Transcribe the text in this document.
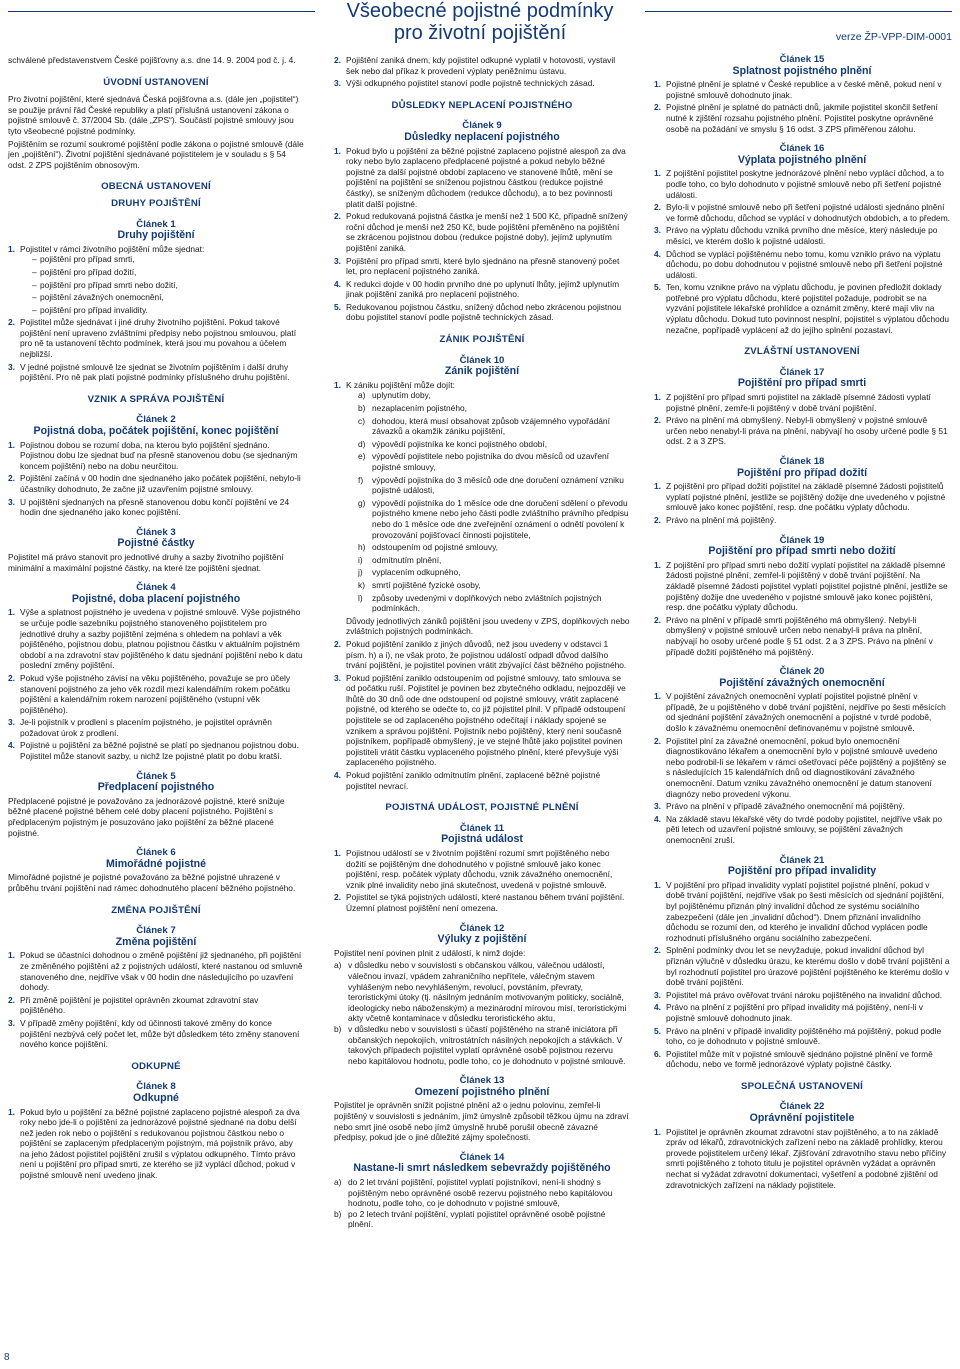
Všeobecné pojistné podmínky
pro životní pojištění	verze ŽP-VPP-DIM-0001

schválené představenstvem České pojišťovny a.s. dne 14. 9. 2004 pod č. j. 4.

ÚVODNÍ USTANOVENÍ

Pro životní pojištění, které sjednává Česká pojišťovna a.s. (dále jen „pojistitel“) se použije právní řád České republiky a platí příslušná ustanovení zákona o pojistné smlouvě č. 37/2004 Sb. (dále „ZPS“). Součástí pojistné smlouvy jsou tyto všeobecné pojistné podmínky.

Pojištěním se rozumí soukromé pojištění podle zákona o pojistné smlouvě (dále jen „pojištění“). Životní pojištění sjednávané pojistitelem je v souladu s § 54 odst. 2 ZPS pojištěním obnosovým.

OBECNÁ USTANOVENÍ
DRUHY POJIŠTĚNÍ
Článek 1
Druhy pojištění
1. Pojistitel v rámci životního pojištění může sjednat:
– pojištění pro případ smrti,
– pojištění pro případ dožití,
– pojištění pro případ smrti nebo dožití,
– pojištění závažných onemocnění,
– pojištění pro případ invalidity.
2. Pojistitel může sjednávat i jiné druhy životního pojištění. Pokud takové pojištění není upraveno zvláštními předpisy nebo pojistnou smlouvou, platí pro ně ta ustanovení těchto podmínek, která jsou mu povahou a účelem nejbližší.
3. V jedné pojistné smlouvě lze sjednat se životním pojištěním i další druhy pojištění. Pro ně pak platí pojistné podmínky příslušného druhu pojištění.
VZNIK A SPRÁVA POJIŠTĚNÍ
Článek 2
Pojistná doba, počátek pojištění, konec pojištění
1. Pojistnou dobou se rozumí doba, na kterou bylo pojištění sjednáno. Pojistnou dobu lze sjednat buď na přesně stanovenou dobu (se sjednaným koncem pojištění) nebo na dobu neurčitou.
2. Pojištění začíná v 00 hodin dne sjednaného jako počátek pojištění, nebylo-li účastníky dohodnuto, že začne již uzavřením pojistné smlouvy.
3. U pojištění sjednaných na přesně stanovenou dobu končí pojištění ve 24 hodin dne sjednaného jako konec pojištění.
Článek 3
Pojistné částky

Pojistitel má právo stanovit pro jednotlivé druhy a sazby životního pojištění minimální a maximální pojistné částky, na které lze pojištění sjednat.

Článek 4
Pojistné, doba placení pojistného
1. Výše a splatnost pojistného je uvedena v pojistné smlouvě. Výše pojistného se určuje podle sazebníku pojistného stanoveného pojistitelem pro jednotlivé druhy a sazby pojištění zejména s ohledem na pohlaví a věk pojištěného, pojistnou dobu, platnou pojistnou částku v aktuálním pojistném období a na zdravotní stav pojištěného k datu sjednání pojištění nebo k datu poslední změny pojištění.
2. Pokud výše pojistného závisí na věku pojištěného, považuje se pro účely stanovení pojistného za jeho věk rozdíl mezi kalendářním rokem počátku pojištění a kalendářním rokem narození pojištěného (vstupní věk pojištěného).
3. Je-li pojistník v prodlení s placením pojistného, je pojistitel oprávněn požadovat úrok z prodlení.
4. Pojistné u pojištění za běžné pojistné se platí po sjednanou pojistnou dobu. Pojistitel může stanovit sazby, u nichž lze pojistné platit po dobu kratší.
Článek 5
Předplacení pojistného

Předplacené pojistné je považováno za jednorázové pojistné, které snižuje běžné placené pojistné během celé doby placení pojistného. Pojištění s předplaceným pojistným je posuzováno jako pojištění za běžné placené pojistné.

Článek 6
Mimořádné pojistné

Mimořádné pojistné je pojistné považováno za běžné pojistné uhrazené v průběhu trvání pojištění nad rámec dohodnutého placení běžného pojistného.

ZMĚNA POJIŠTĚNÍ
Článek 7
Změna pojištění
1. Pokud se účastníci dohodnou o změně pojištění již sjednaného, při pojištění ze změněného pojištění až z pojistných událostí, které nastanou od smluvně stanoveného dne, nejdříve však v 00 hodin dne následujícího po uzavření dohody.
2. Při změně pojištění je pojistitel oprávněn zkoumat zdravotní stav pojištěného.
3. V případě změny pojištění, kdy od účinnosti takové změny do konce pojištění nezbývá celý počet let, může být důsledkem této změny stanovení nového konce pojištění.
ODKUPNÉ
Článek 8
Odkupné
1. Pokud bylo u pojištění za běžné pojistné zaplaceno pojistné alespoň za dva roky nebo jde-li o pojištění za jednorázové pojistné sjednané na dobu delší než jeden rok nebo o pojištění s redukovanou pojistnou částkou nebo o pojištění se zaplaceným předplaceným pojistným, má pojistník právo, aby na jeho žádost pojistitel pojištění zrušil s výplatou odkupného. Tímto právo není u pojištění pro případ smrti, ze kterého se již vyplácí důchod, pokud v pojistné smlouvě není uvedeno jinak.
2. Pojištění zaniká dnem, kdy pojistitel odkupné vyplatil v hotovosti, vystavil šek nebo dal příkaz k provedení výplaty peněžnímu ústavu.
3. Výši odkupného pojistitel stanoví podle pojistně technických zásad.
DŮSLEDKY NEPLACENÍ POJISTNÉHO
Článek 9
Důsledky neplacení pojistného
1. Pokud bylo u pojištění za běžné pojistné zaplaceno pojistné alespoň za dva roky nebo bylo zaplaceno předplacené pojistné a pokud nebylo běžné pojistné za další pojistné období zaplaceno ve stanovené lhůtě, mění se pojištění na pojištění se sníženou pojistnou částkou (redukce pojistné částky), se sníženým důchodem (redukce důchodu), a to bez povinnosti platit další pojistné.
2. Pokud redukovaná pojistná částka je menší než 1 500 Kč, případně snížený roční důchod je menší než 250 Kč, bude pojištění přeměněno na pojištění se zkrácenou pojistnou dobou (redukce pojistné doby), jejímž uplynutím pojištění zaniká.
3. Pojištění pro případ smrti, které bylo sjednáno na přesně stanovený počet let, pro neplacení pojistného zaniká.
4. K redukci dojde v 00 hodin prvního dne po uplynutí lhůty, jejímž uplynutím jinak pojištění zaniká pro neplacení pojistného.
5. Redukovanou pojistnou částku, snížený důchod nebo zkrácenou pojistnou dobu pojistitel stanoví podle pojistně technických zásad.
ZÁNIK POJIŠTĚNÍ
Článek 10
Zánik pojištění
1. K zániku pojištění může dojít:
a) uplynutím doby,
b) nezaplacením pojistného,
c) dohodou, která musí obsahovat způsob vzájemného vypořádání závazků a okamžik zániku pojištění,
d) výpovědí pojistníka ke konci pojistného období,
e) výpovědí pojistitele nebo pojistníka do dvou měsíců od uzavření pojistné smlouvy,
f) výpovědí pojistníka do 3 měsíců ode dne doručení oznámení vzniku pojistné události,
g) výpovědí pojistníka do 1 měsíce ode dne doručení sdělení o převodu pojistného kmene nebo jeho části podle zvláštního právního předpisu nebo do 1 měsíce ode dne zveřejnění oznámení o odnětí povolení k provozování pojišťovací činnosti pojistitele,
h) odstoupením od pojistné smlouvy,
i) odmítnutím plnění,
j) vyplacením odkupného,
k) smrtí pojištěné fyzické osoby,
l) způsoby uvedenými v doplňkových nebo zvláštních pojistných podmínkách.

Důvody jednotlivých zániků pojištění jsou uvedeny v ZPS, doplňkových nebo zvláštních pojistných podmínkách.

2. Pokud pojištění zaniklo z jiných důvodů, než jsou uvedeny v odstavci 1 písm. h) a i), ne však proto, že pojistnou událostí odpadl důvod dalšího trvání pojištění, je pojistitel povinen vrátit zbývající část běžného pojistného.
3. Pokud pojištění zaniklo odstoupením od pojistné smlouvy, tato smlouva se od počátku ruší. Pojistitel je povinen bez zbytečného odkladu, nejpozději ve lhůtě do 30 dnů ode dne odstoupení od pojistné smlouvy, vrátit zaplacené pojistné, od kterého se odečte to, co již pojistitel plnil. V případě odstoupení pojistitele se od zaplaceného pojistného odečítají i náklady spojené se vznikem a správou pojištění. Pojistník nebo pojištěný, který není současně pojistníkem, popřípadě obmyšlený, je ve stejné lhůtě jako pojistitel povinen pojistiteli vrátit částku vyplaceného pojistného plnění, které převyšuje výši zaplaceného pojistného.
4. Pokud pojištění zaniklo odmítnutím plnění, zaplacené běžné pojistné pojistitel nevrací.
POJISTNÁ UDÁLOST, POJISTNÉ PLNĚNÍ
Článek 11
Pojistná událost
1. Pojistnou událostí se v životním pojištění rozumí smrt pojištěného nebo dožití se pojištěným dne dohodnutého v pojistné smlouvě jako konec pojištění, resp. počátek výplaty důchodu, vznik závažného onemocnění, vznik plné invalidity nebo jiná skutečnost, uvedená v pojistné smlouvě.
2. Pojistitel se týká pojistných událostí, které nastanou během trvání pojištění. Územní platnost pojištění není omezena.
Článek 12
Výluky z pojištění

Pojistitel není povinen plnit z událostí, k nimž dojde:

a) v důsledku nebo v souvislosti s občanskou válkou, válečnou událostí, válečnou invazí, vpádem zahraničního nepřítele, válečným stavem vyhlášeným nebo nevyhlášeným, revolucí, povstáním, převraty, teroristickými útoky (tj. násilným jednáním motivovaným politicky, sociálně, ideologicky nebo náboženským) a mezinárodní mírovou misí, teroristickými akty včetně kontaminace v důsledku teroristického aktu,
b) v důsledku nebo v souvislosti s účastí pojištěného na straně iniciátora při občanských nepokojích, vnitrostátních násilných nepokojích a stávkách. V takových případech pojistitel vyplatí oprávněné osobě pojistnou rezervu nebo kapitálovou hodnotu, podle toho, co je dohodnuto v pojistné smlouvě.
Článek 13
Omezení pojistného plnění

Pojistitel je oprávněn snížit pojistné plnění až o jednu polovinu, zemřel-li pojištěný v souvislosti s jednáním, jímž úmyslně způsobil těžkou újmu na zdraví nebo smrt jiné osobě nebo jímž úmyslně hrubě porušil obecně závazné předpisy, pokud jde o jiné důležité zájmy společnosti.

Článek 14
Nastane-li smrt následkem sebevraždy pojištěného
a) do 2 let trvání pojištění, pojistitel vyplatí pojistníkovi, není-li shodný s pojištěným nebo oprávněné osobě rezervu pojistného nebo kapitálovou hodnotu, podle toho, co je dohodnuto v pojistné smlouvě,
b) po 2 letech trvání pojištění, vyplatí pojistitel oprávněné osobě pojistné plnění.
Článek 15
Splatnost pojistného plnění
1. Pojistné plnění je splatné v České republice a v české měně, pokud není v pojistné smlouvě dohodnuto jinak.
2. Pojistné plnění je splatné do patnácti dnů, jakmile pojistitel skončil šetření nutné k zjištění rozsahu pojistného plnění. Pojistitel poskytne oprávněné osobě na požádání ve smyslu § 16 odst. 3 ZPS přiměřenou zálohu.
Článek 16
Výplata pojistného plnění
1. Z pojištění pojistitel poskytne jednorázové plnění nebo vyplácí důchod, a to podle toho, co bylo dohodnuto v pojistné smlouvě nebo při šetření pojistné události.
2. Bylo-li v pojistné smlouvě nebo při šetření pojistné události sjednáno plnění ve formě důchodu, důchod se vyplácí v dohodnutých obdobích, a to předem.
3. Právo na výplatu důchodu vzniká prvního dne měsíce, který následuje po měsíci, ve kterém došlo k pojistné události.
4. Důchod se vyplácí pojištěnému nebo tomu, komu vzniklo právo na výplatu důchodu, po dobu dohodnutou v pojistné smlouvě nebo při šetření pojistné události.
5. Ten, komu vznikne právo na výplatu důchodu, je povinen předložit doklady potřebné pro výplatu důchodu, které pojistitel požaduje, podrobit se na vyzvání pojistitele lékařské prohlídce a oznámit změny, které mají vliv na výplatu důchodu. Dokud tuto povinnost nesplní, pojistitel s výplatou důchodu nezačne, popřípadě vyplácení až do jejího splnění pozastaví.
ZVLÁŠTNÍ USTANOVENÍ
Článek 17
Pojištění pro případ smrti
1. Z pojištění pro případ smrti pojistitel na základě písemné žádosti vyplatí pojistné plnění, zemře-li pojištěný v době trvání pojištění.
2. Právo na plnění má obmyšlený. Nebyl-li obmyšlený v pojistné smlouvě určen nebo nenabyl-li práva na plnění, nabývají ho osoby určené podle § 51 odst. 2 a 3 ZPS.
Článek 18
Pojištění pro případ dožití
1. Z pojištění pro případ dožití pojistitel na základě písemné žádosti pojistitelů vyplatí pojistné plnění, jestliže se pojištěný dožije dne uvedeného v pojistné smlouvě jako konec pojištění, resp. dne počátku výplaty důchodu.
2. Právo na plnění má pojištěný.
Článek 19
Pojištění pro případ smrti nebo dožití
1. Z pojištění pro případ smrti nebo dožití vyplatí pojistitel na základě písemné žádosti pojistné plnění, zemřel-li pojištěný v době trvání pojištění. Na základě písemné žádosti pojistitel vyplatí pojistitel pojistné plnění, jestliže se pojištěný dožije dne uvedeného v pojistné smlouvě jako konec pojištění, resp. dne počátku výplaty důchodu.
2. Právo na plnění v případě smrti pojištěného má obmyšlený. Nebyl-li obmyšlený v pojistné smlouvě určen nebo nenabyl-li práva na plnění, nabývají ho osoby určené podle § 51 odst. 2 a 3 ZPS. Právo na plnění v případě dožití pojištěného má pojištěný.
Článek 20
Pojištění závažných onemocnění
1. V pojištění závažných onemocnění vyplatí pojistitel pojistné plnění v případě, že u pojištěného v době trvání pojištění, nejdříve po šesti měsících od sjednání pojištění závažných onemocnění a pojistné v tvrdé podobě, došlo k závažnému onemocnění definovanému v pojistné smlouvě.
2. Pojistitel plní za závažné onemocnění, pokud bylo onemocnění diagnostikováno lékařem a onemocnění bylo v pojistné smlouvě uvedeno nebo podrobil-li se lékařem v rámci ošetřovací péče pojištěný a pojištěný se s následujících 15 kalendářních dnů od diagnostikování závažného onemocnění. Datum vzniku závažného onemocnění je datum stanovení diagnózy nebo provedení výkonu.
3. Právo na plnění v případě závažného onemocnění má pojištěný.
4. Na základě stavu lékařské věty do tvrdé podoby pojistitel, nejdříve však po pěti letech od uzavření pojistné smlouvy, se pojištění závažných onemocnění zruší.
Článek 21
Pojištění pro případ invalidity
1. V pojištění pro případ invalidity vyplatí pojistitel pojistné plnění, pokud v době trvání pojištění, nejdříve však po šesti měsících od sjednání pojištění, byl pojištěnému přiznán plný invalidní důchod ze systému sociálního zabezpečení (dále jen „invalidní důchod“). Dnem přiznání invalidního důchodu se rozumí den, od kterého je invalidní důchod vyplácen podle rozhodnutí příslušného orgánu sociálního zabezpečení.
2. Splnění podmínky dvou let se nevyžaduje, pokud invalidní důchod byl přiznán výlučně v důsledku úrazu, ke kterému došlo v době trvání pojištění a byl rozhodnutí pojistitel pro úrazové pojištění pojištěného ke kterému došlo v době trvání pojištění.
3. Pojistitel má právo ověřovat trvání nároku pojištěného na invalidní důchod.
4. Právo na plnění z pojištění pro případ invalidity má pojištěný, není-li v pojistné smlouvě dohodnuto jinak.
5. Právo na plnění v případě invalidity pojištěného má pojištěný, pokud podle toho, co je dohodnuto v pojistné smlouvě.
6. Pojistitel může mít v pojistné smlouvě sjednáno pojistné plnění ve formě důchodu, nebo ve formě jednorázové výplaty pojistné částky.
SPOLEČNÁ USTANOVENÍ
Článek 22
Oprávnění pojistitele
1. Pojistitel je oprávněn zkoumat zdravotní stav pojištěného, a to na základě zpráv od lékařů, zdravotnických zařízení nebo na základě prohlídky, kterou provede pojistitelem určený lékař. Zjišťování zdravotního stavu nebo příčiny smrti pojištěného z tohoto titulu je pojistitel oprávněn vyžádat a oprávněn nechat si vyžádat zdravotní dokumentaci, vyšetření a podobné zjištění od zdravotnických zařízení na náklady pojistitele.
8
